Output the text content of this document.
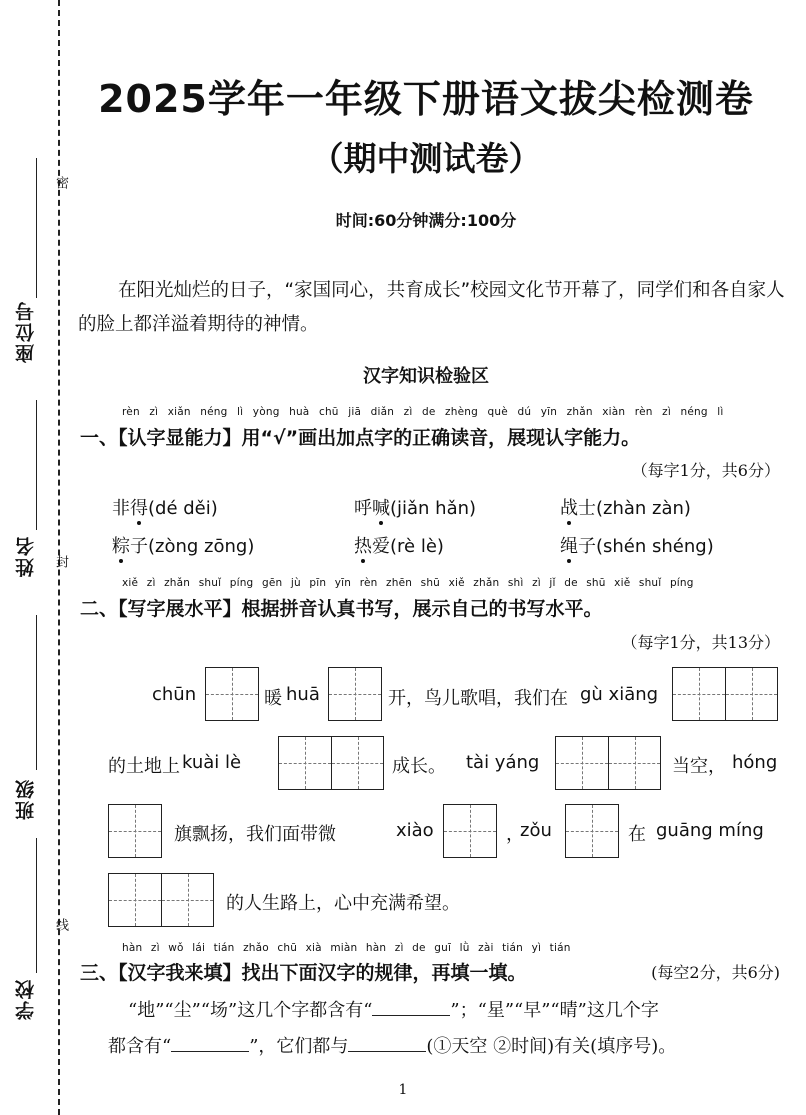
座位号
姓名
班级
学校
密
封
线
2025学年一年级下册语文拔尖检测卷
（期中测试卷）
时间:60分钟满分:100分
在阳光灿烂的日子，“家国同心，共育成长”校园文化节开幕了，同学们和各自家人的脸上都洋溢着期待的神情。
汉字知识检验区
rèn zì xiǎn néng lì yòng huà chū jiā diǎn zì de zhèng què dú yīn zhǎn xiàn rèn zì néng lì
一、【认字显能力】用“√”画出加点字的正确读音，展现认字能力。
（每字1分，共6分）
非得(dé děi)	呼喊(jiǎn hǎn)	战士(zhàn zàn)
粽子(zòng zōng)	热爱(rè lè)	绳子(shén shéng)
xiě zì zhǎn shuǐ píng gēn jù pīn yīn rèn zhēn shū xiě zhǎn shì zì jǐ de shū xiě shuǐ píng
二、【写字展水平】根据拼音认真书写，展示自己的书写水平。
（每字1分，共13分）
chūn	暖 huā	开，鸟儿歌唱，我们在 gù xiāng
的土地上 kuài lè	成长。 tài yáng	当空， hóng
旗飘扬，我们面带微	xiào	，
zǒu	在 guāng míng
的人生路上，心中充满希望。
hàn zì wǒ lái tián zhǎo chū xià miàn hàn zì de guī lǜ zài tián yì tián
三、【汉字我来填】找出下面汉字的规律，再填一填。	(每空2分，共6分)
“地”“尘”“场”这几个字都含有“	”；“星”“早”“晴”这几个字
都含有“	”，它们都与	(①天空 ②时间)有关(填序号)。
1
